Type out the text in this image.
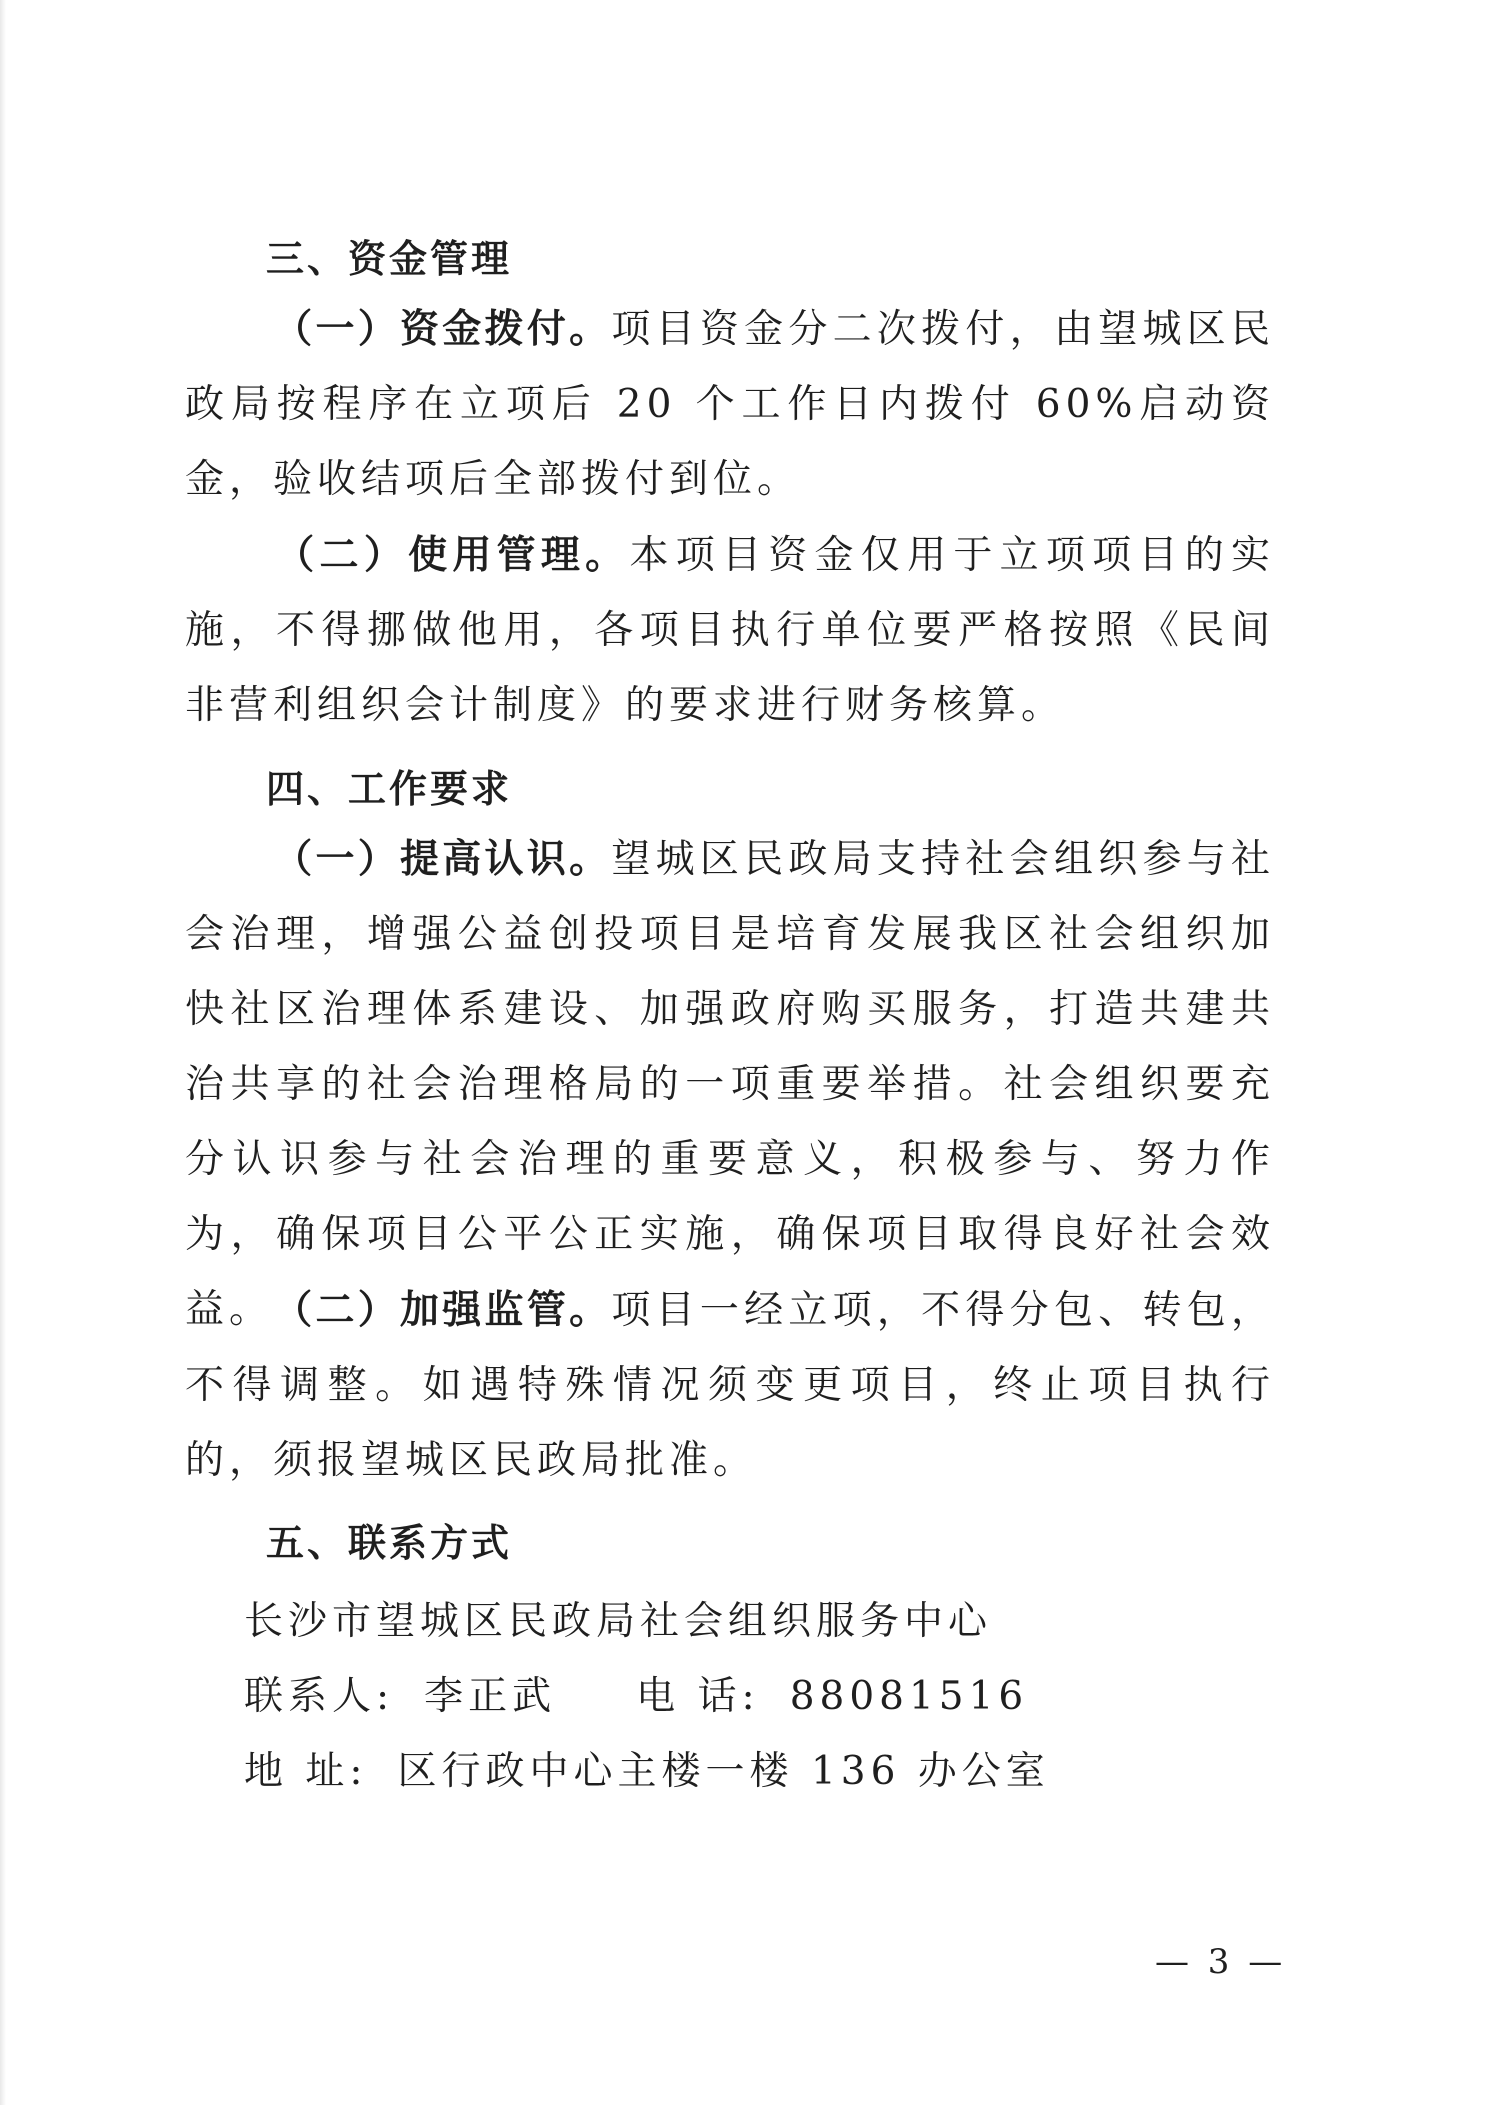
三、资金管理

（一）资金拨付。项目资金分二次拨付，由望城区民政局按程序在立项后 20 个工作日内拨付 60%启动资金，验收结项后全部拨付到位。

（二）使用管理。本项目资金仅用于立项项目的实施，不得挪做他用，各项目执行单位要严格按照《民间非营利组织会计制度》的要求进行财务核算。

四、工作要求

（一）提高认识。望城区民政局支持社会组织参与社会治理，增强公益创投项目是培育发展我区社会组织加快社区治理体系建设、加强政府购买服务，打造共建共治共享的社会治理格局的一项重要举措。社会组织要充分认识参与社会治理的重要意义，积极参与、努力作为，确保项目公平公正实施，确保项目取得良好社会效益。 （二）加强监管。项目一经立项，不得分包、转包，不得调整。如遇特殊情况须变更项目，终止项目执行的，须报望城区民政局批准。

五、联系方式
长沙市望城区民政局社会组织服务中心
联系人: 李正武 电 话: 88081516
地 址: 区行政中心主楼一楼 136 办公室
— 3 —
